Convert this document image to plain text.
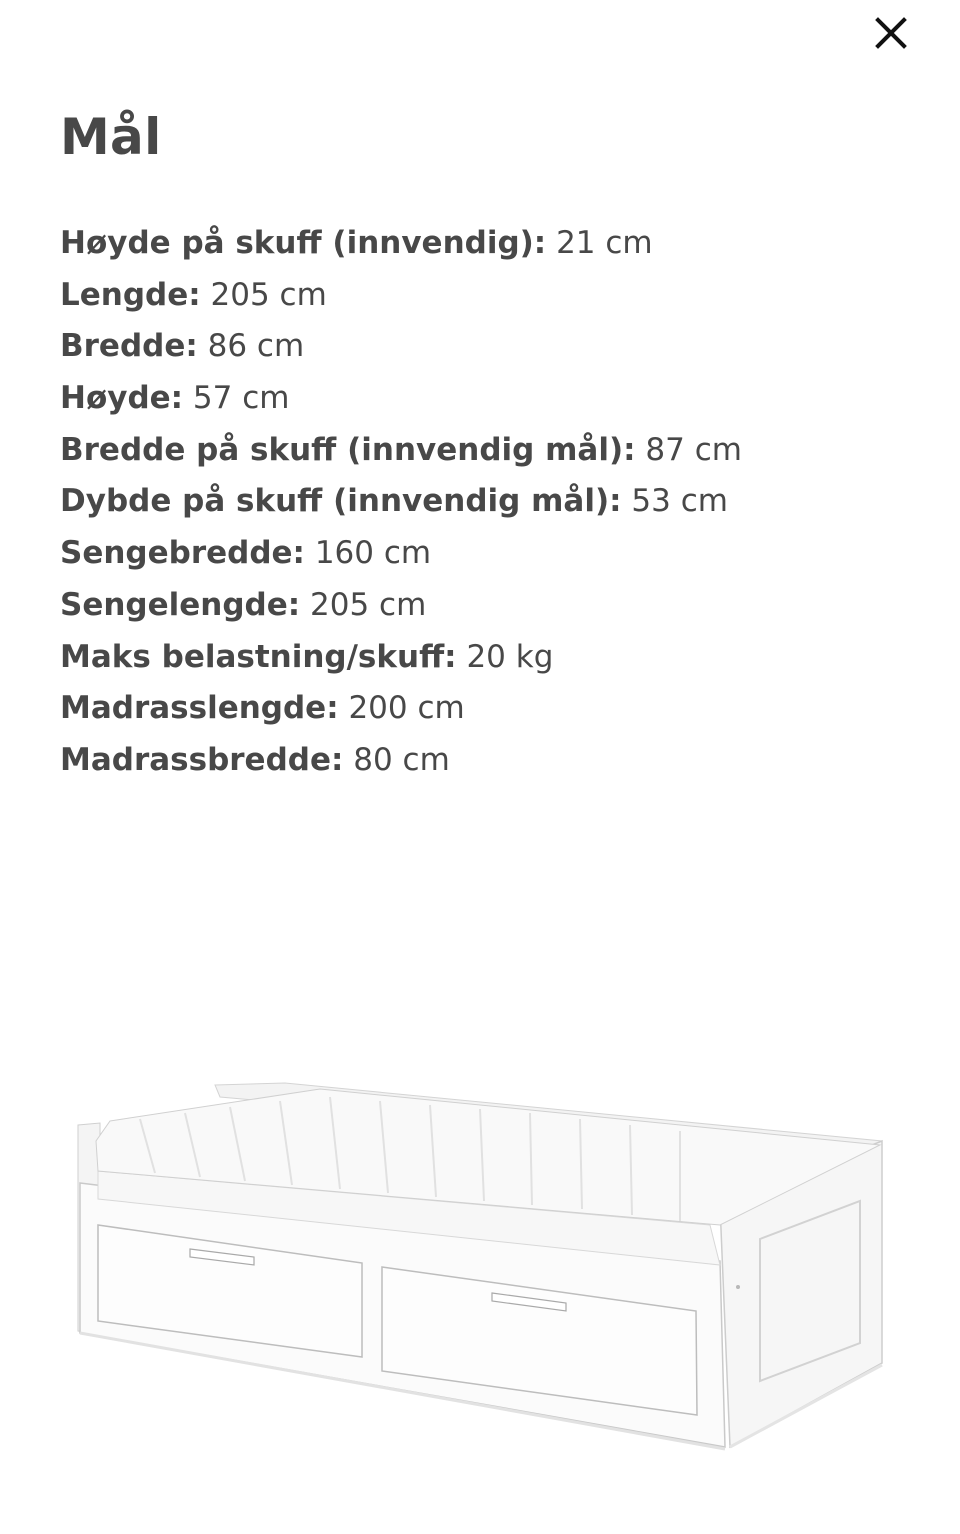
Mål
Høyde på skuff (innvendig): 21 cm
Lengde: 205 cm
Bredde: 86 cm
Høyde: 57 cm
Bredde på skuff (innvendig mål): 87 cm
Dybde på skuff (innvendig mål): 53 cm
Sengebredde: 160 cm
Sengelengde: 205 cm
Maks belastning/skuff: 20 kg
Madrasslengde: 200 cm
Madrassbredde: 80 cm
